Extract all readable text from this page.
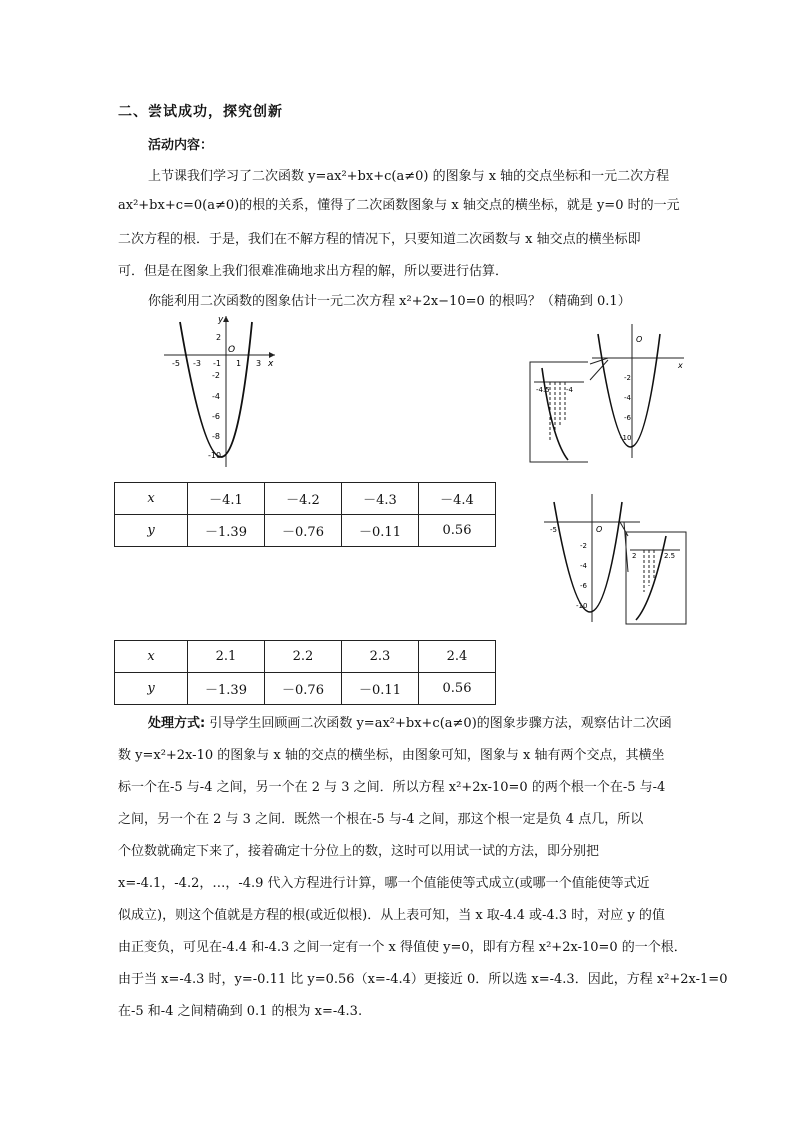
二、尝试成功，探究创新
活动内容：
上节课我们学习了二次函数 y=ax²+bx+c(a≠0) 的图象与 x 轴的交点坐标和一元二次方程
ax²+bx+c=0(a≠0)的根的关系，懂得了二次函数图象与 x 轴交点的横坐标，就是 y=0 时的一元
二次方程的根．于是，我们在不解方程的情况下，只要知道二次函数与 x 轴交点的横坐标即
可．但是在图象上我们很难准确地求出方程的解，所以要进行估算．
你能利用二次函数的图象估计一元二次方程 x²+2x−10=0 的根吗？（精确到 0.1）
y
x
O
-5 -3 -1 1 3
2
-2
-4
-6
-8
-10
-4.5 -4
O
x
-2
-4
-6
-10
O
-5
-2
-4
-6
-10
2	2.5
x	－4.1	－4.2	－4.3	－4.4
y	－1.39	－0.76	－0.11	0.56
x	2.1	2.2	2.3	2.4
y	－1.39	－0.76	－0.11	0.56
处理方式: 引导学生回顾画二次函数 y=ax²+bx+c(a≠0)的图象步骤方法，观察估计二次函
数 y=x²+2x-10 的图象与 x 轴的交点的横坐标，由图象可知，图象与 x 轴有两个交点，其横坐
标一个在-5 与-4 之间，另一个在 2 与 3 之间．所以方程 x²+2x-10=0 的两个根一个在-5 与-4
之间，另一个在 2 与 3 之间．既然一个根在-5 与-4 之间，那这个根一定是负 4 点几，所以
个位数就确定下来了，接着确定十分位上的数，这时可以用试一试的方法，即分别把
x=-4.1，-4.2，…，-4.9 代入方程进行计算，哪一个值能使等式成立(或哪一个值能使等式近
似成立)，则这个值就是方程的根(或近似根)．从上表可知，当 x 取-4.4 或-4.3 时，对应 y 的值
由正变负，可见在-4.4 和-4.3 之间一定有一个 x 得值使 y=0，即有方程 x²+2x-10=0 的一个根．
由于当 x=-4.3 时，y=-0.11 比 y=0.56（x=-4.4）更接近 0．所以选 x=-4.3．因此，方程 x²+2x-1=0
在-5 和-4 之间精确到 0.1 的根为 x=-4.3.
